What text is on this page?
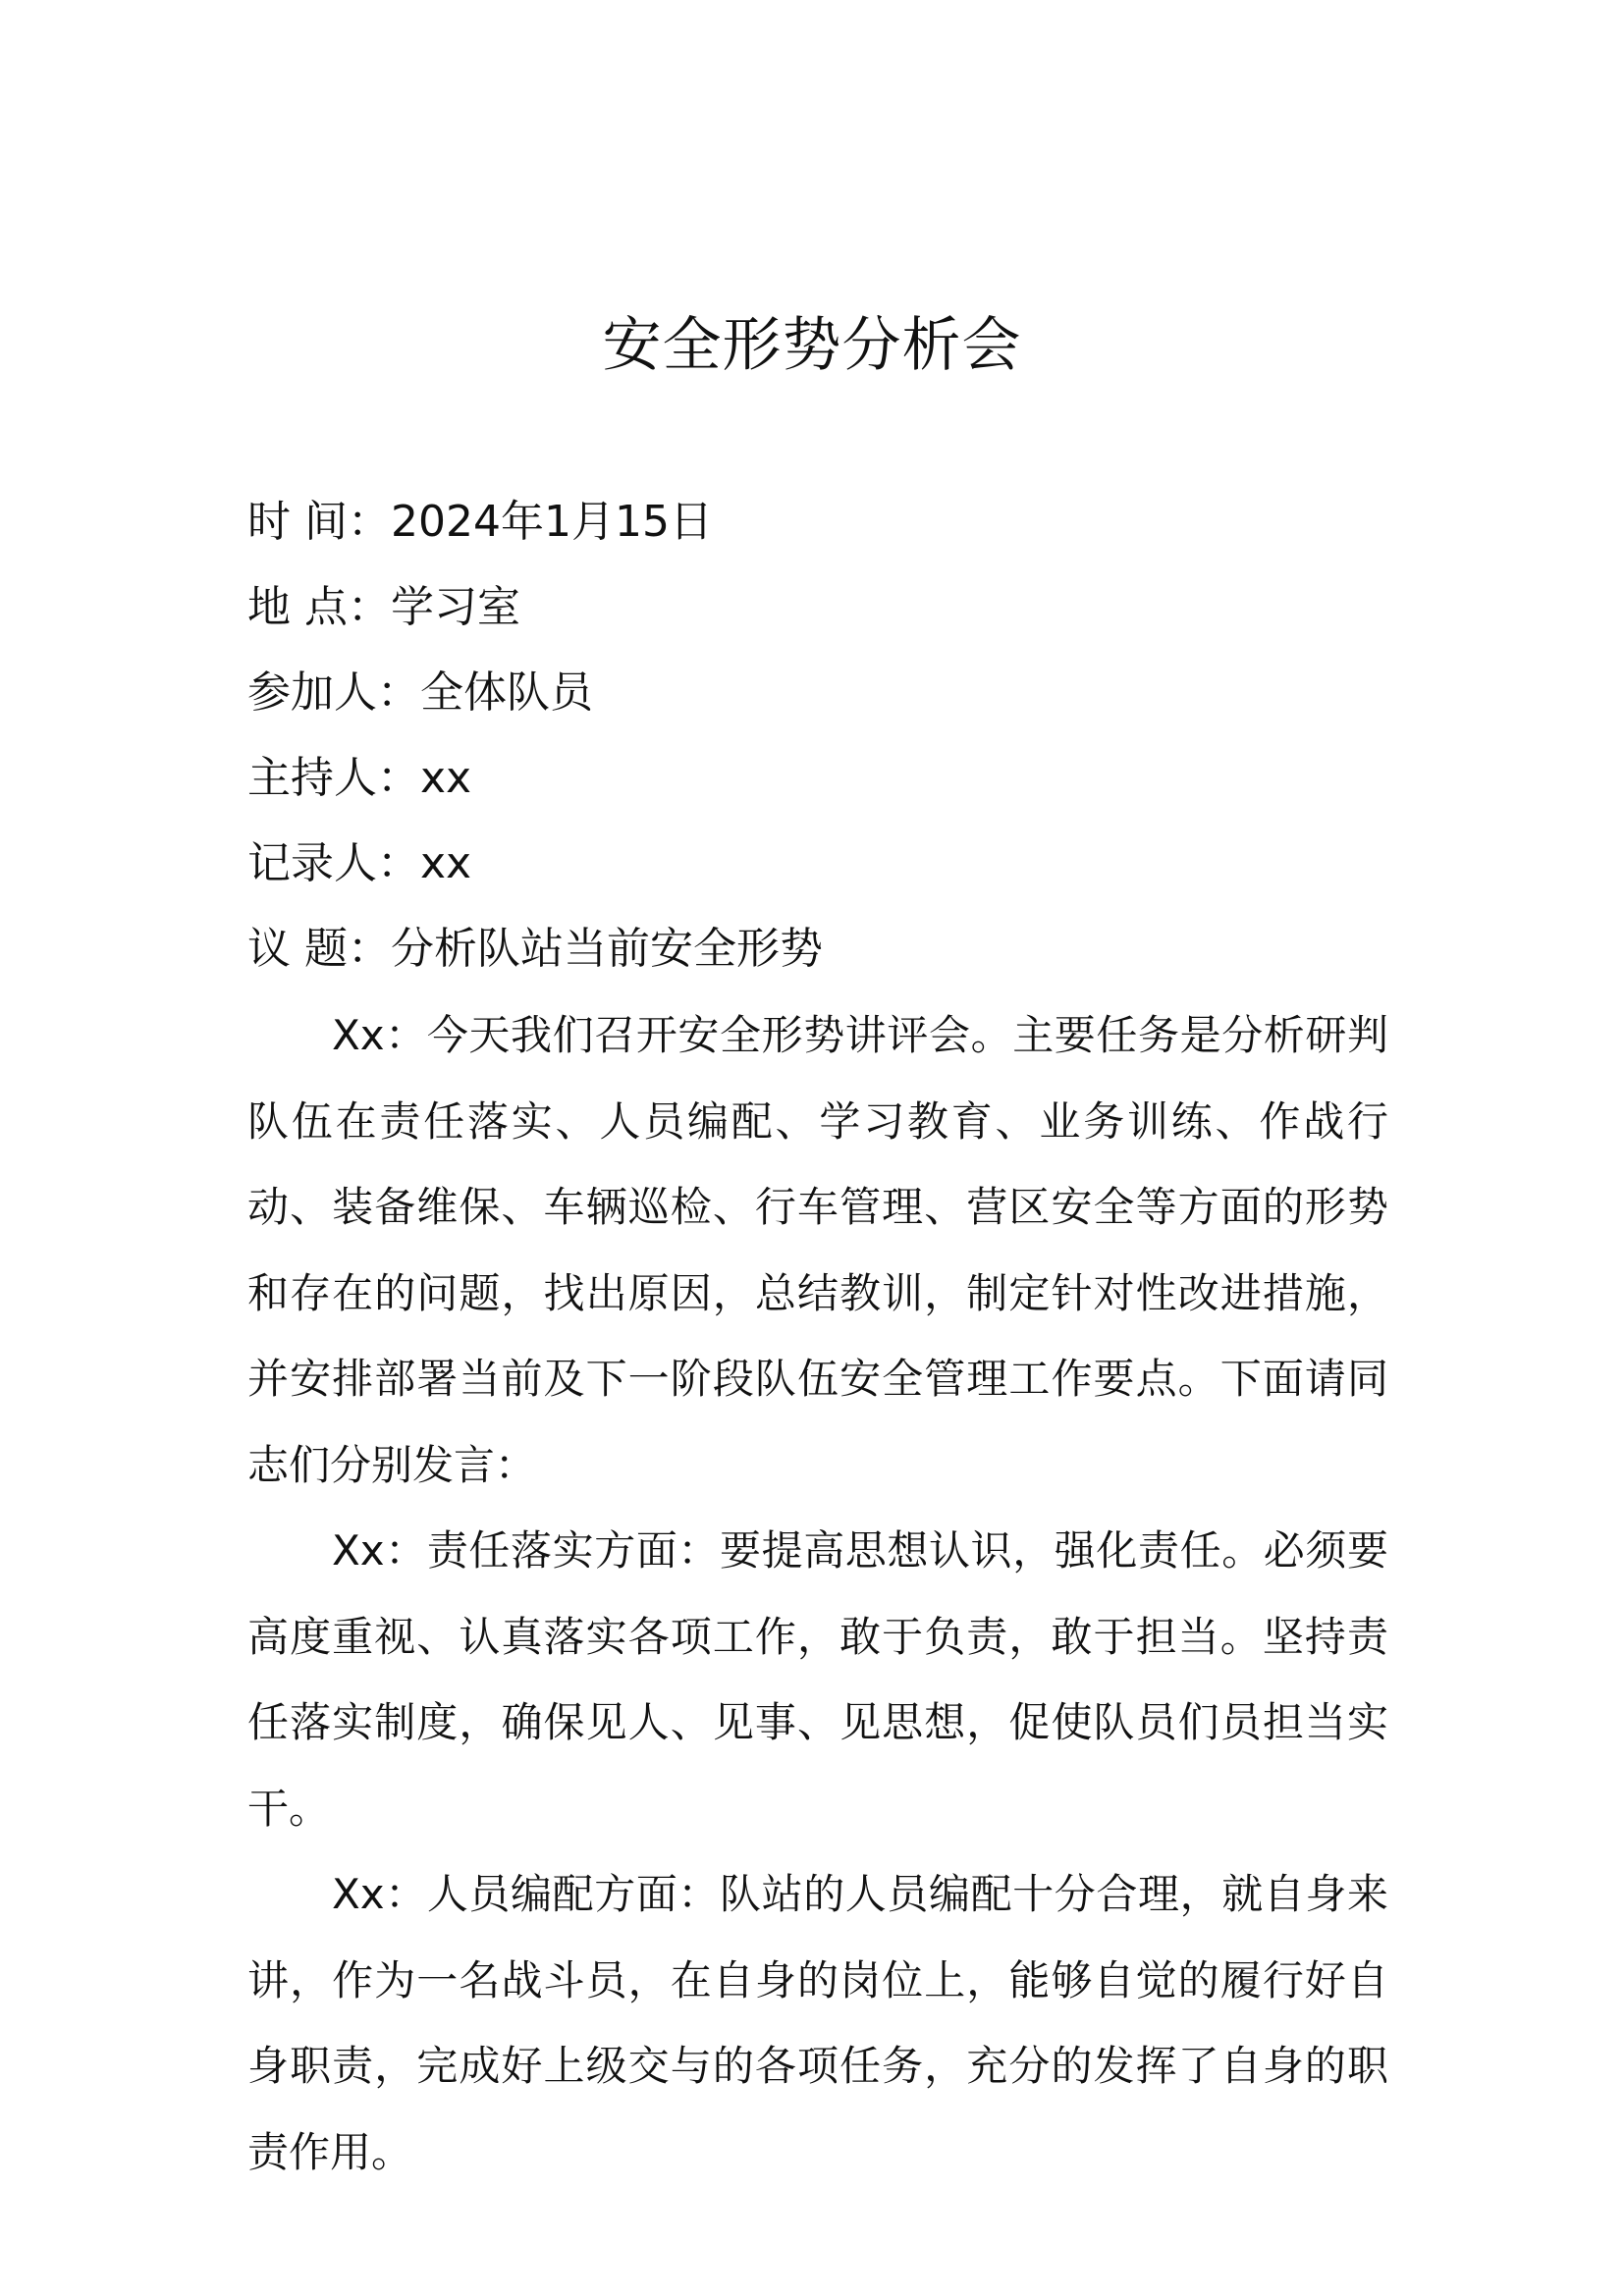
安全形势分析会
时 间：2024年1月15日
地 点：学习室
参加人：全体队员
主持人：xx
记录人：xx
议 题：分析队站当前安全形势

Xx：今天我们召开安全形势讲评会。主要任务是分析研判队伍在责任落实、人员编配、学习教育、业务训练、作战行动、装备维保、车辆巡检、行车管理、营区安全等方面的形势和存在的问题，找出原因，总结教训，制定针对性改进措施，并安排部署当前及下一阶段队伍安全管理工作要点。下面请同志们分别发言：

Xx：责任落实方面：要提高思想认识，强化责任。必须要高度重视、认真落实各项工作，敢于负责，敢于担当。坚持责任落实制度，确保见人、见事、见思想，促使队员们员担当实干。

Xx：人员编配方面：队站的人员编配十分合理，就自身来讲，作为一名战斗员，在自身的岗位上，能够自觉的履行好自身职责，完成好上级交与的各项任务，充分的发挥了自身的职责作用。
